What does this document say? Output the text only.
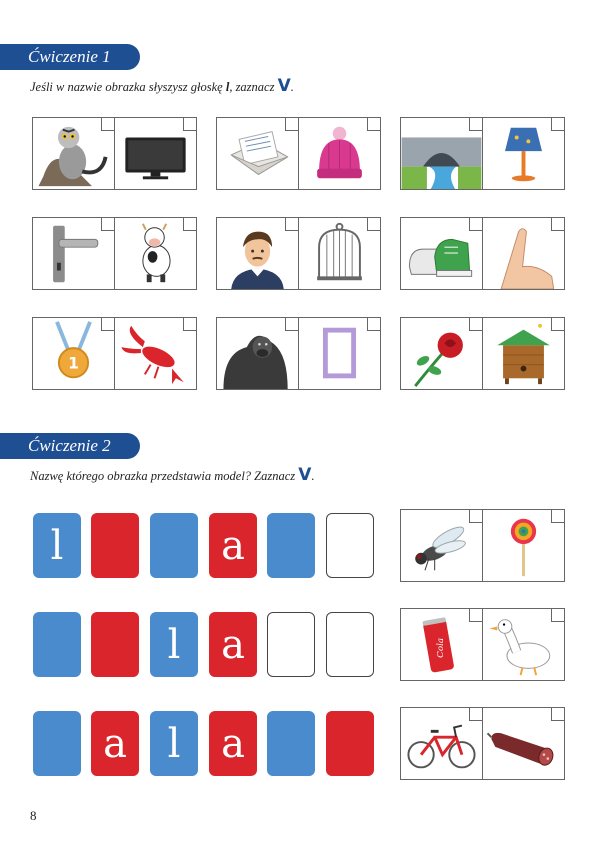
Ćwiczenie 1
Jeśli w nazwie obrazka słyszysz głoskę l, zaznacz V.
1
Ćwiczenie 2
Nazwę którego obrazka przedstawia model? Zaznacz V.
l	a
l	a
a	l	a
Cola
8
